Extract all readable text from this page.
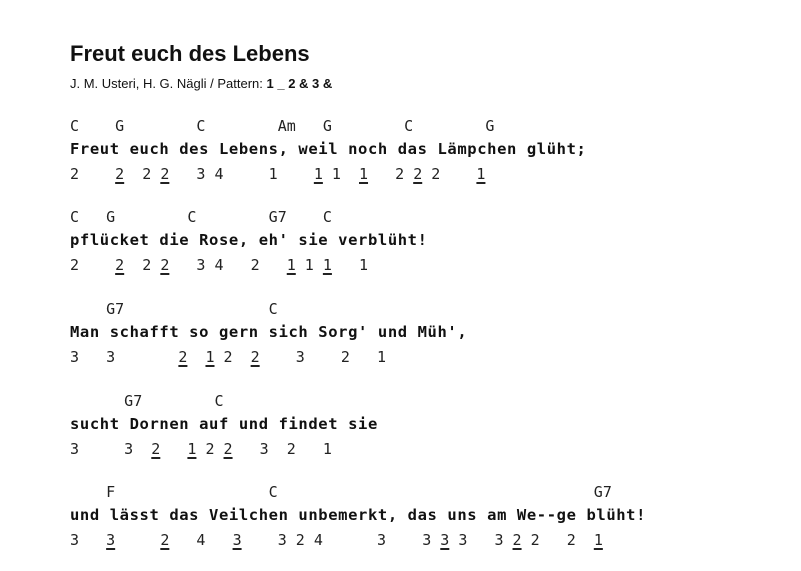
Freut euch des Lebens

J. M. Usteri, H. G. Nägli / Pattern: 1 _ 2 & 3 &

C    G        C        Am   G        C        G
Freut euch des Lebens, weil noch das Lämpchen glüht;
2    2  2 2   3 4     1    1 1  1   2 2 2    1
C   G        C        G7    C
pflücket die Rose, eh' sie verblüht!
2    2  2 2   3 4   2   1 1 1   1
G7                C
Man schafft so gern sich Sorg' und Müh',
3   3       2 1 2  2    3    2   1
G7        C
sucht Dornen auf und findet sie
3     3  2 1 2 2   3  2   1
F                 C                                   G7
und lässt das Veilchen unbemerkt, das uns am We--ge blüht!
3   3	2   4   3    3 2 4      3    3 3 3   3 2 2   2  1
